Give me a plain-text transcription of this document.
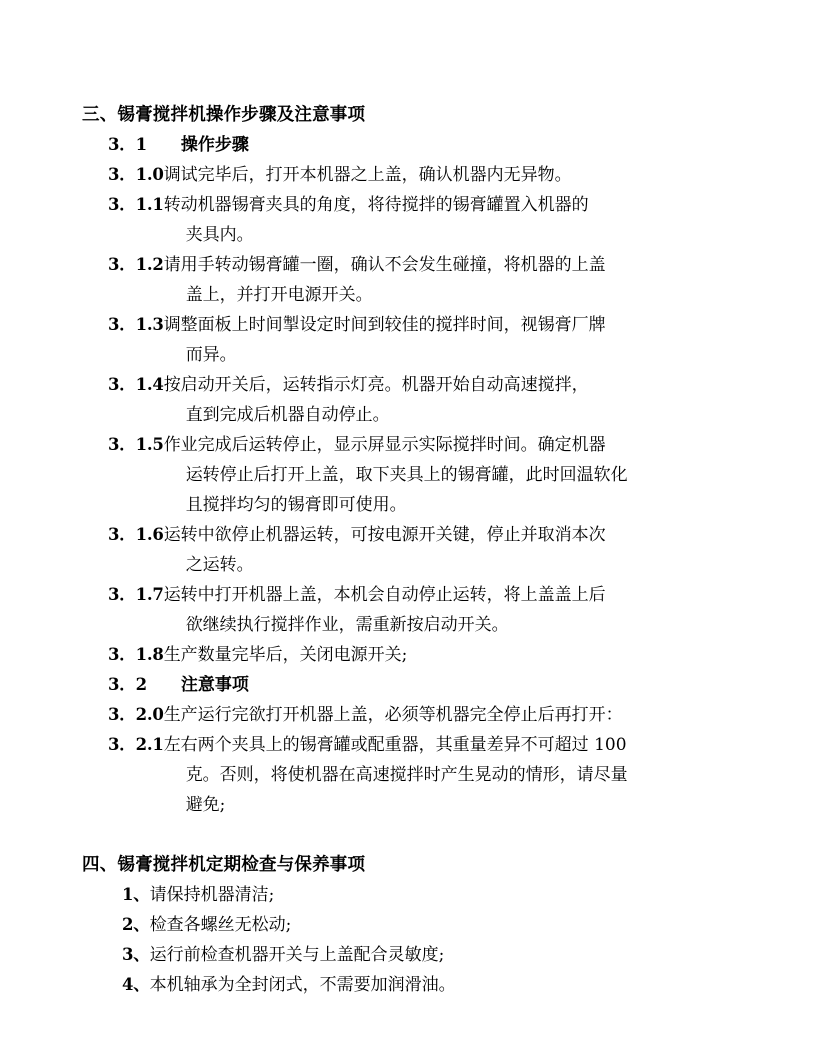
三、锡膏搅拌机操作步骤及注意事项
3．1	操作步骤
3．1.0 调试完毕后，打开本机器之上盖，确认机器内无异物。
3．1.1 转动机器锡膏夹具的角度，将待搅拌的锡膏罐置入机器的
夹具内。
3．1.2 请用手转动锡膏罐一圈，确认不会发生碰撞，将机器的上盖
盖上，并打开电源开关。
3．1.3 调整面板上时间掣设定时间到较佳的搅拌时间，视锡膏厂牌
而异。
3．1.4 按启动开关后，运转指示灯亮。机器开始自动高速搅拌，
直到完成后机器自动停止。
3．1.5 作业完成后运转停止，显示屏显示实际搅拌时间。确定机器
运转停止后打开上盖，取下夹具上的锡膏罐，此时回温软化
且搅拌均匀的锡膏即可使用。
3．1.6 运转中欲停止机器运转，可按电源开关键，停止并取消本次
之运转。
3．1.7 运转中打开机器上盖，本机会自动停止运转，将上盖盖上后
欲继续执行搅拌作业，需重新按启动开关。
3．1.8 生产数量完毕后，关闭电源开关;
3．2	注意事项
3．2.0 生产运行完欲打开机器上盖，必须等机器完全停止后再打开：
3．2.1 左右两个夹具上的锡膏罐或配重器，其重量差异不可超过 100
克。否则，将使机器在高速搅拌时产生晃动的情形，请尽量
避免;
四、锡膏搅拌机定期检查与保养事项
1、 请保持机器清洁;
2、 检查各螺丝无松动;
3、 运行前检查机器开关与上盖配合灵敏度;
4、 本机轴承为全封闭式，不需要加润滑油。
